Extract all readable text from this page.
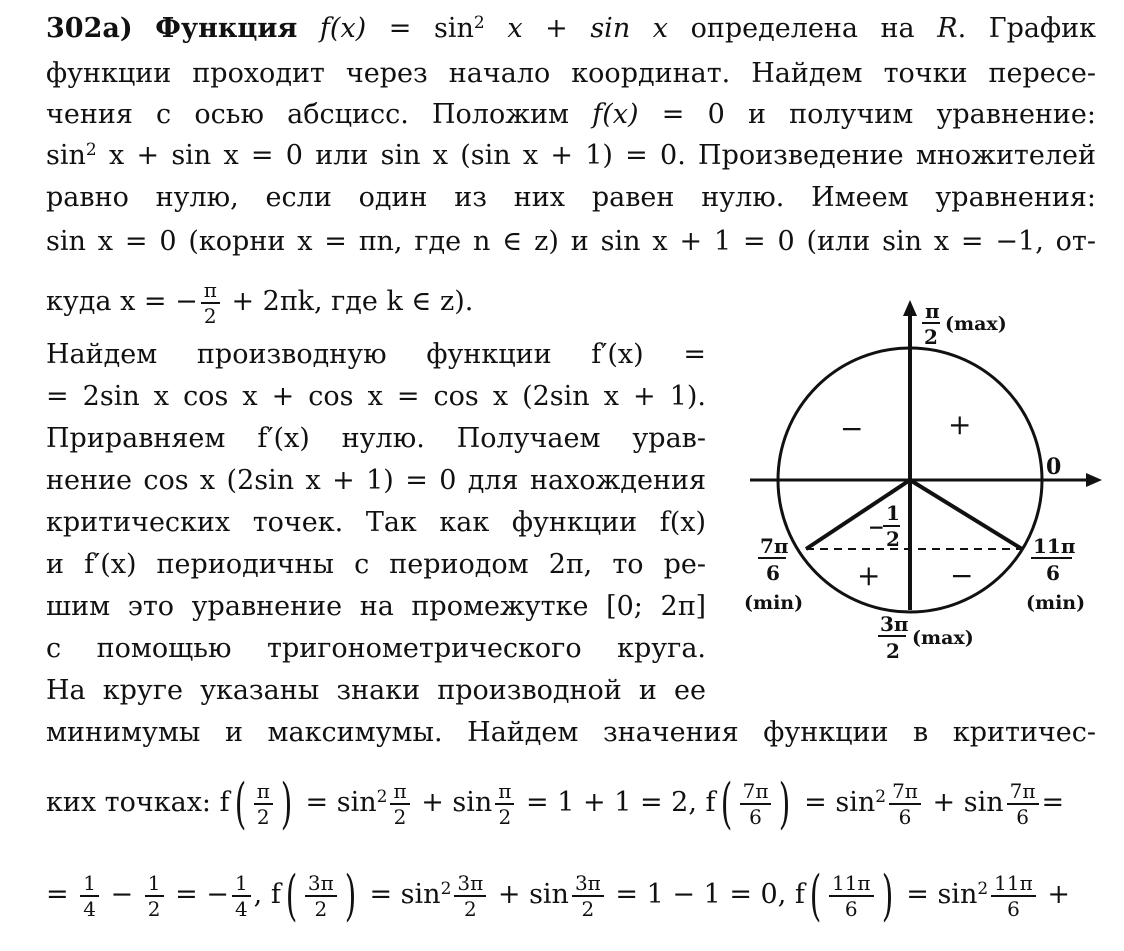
302а) Функция $f(x) = \sin^2 x + \sin x$ определена на R. График
функции проходит через начало координат. Найдем точки пересе-
чения с осью абсцисс. Положим f(x) = 0 и получим уравнение:
$\sin^2 x + \sin x = 0$ или sin x (sin x + 1) = 0. Произведение множителей
равно нулю, если один из них равен нулю. Имеем уравнения:
sin x = 0 (корни x = πn, где n ∈ z) и sin x + 1 = 0 (или sin x = −1, от-
куда x = − $\frac{\pi}{2} + 2\pi k$, где k ∈ z).
Найдем производную функции f′(x) =
= 2sin x cos x + cos x = cos x (2sin x + 1).
Приравняем f′(x) нулю. Получаем урав-
нение cos x (2sin x + 1) = 0 для нахождения
критических точек. Так как функции f(x)
и f′(x) периодичны с периодом 2π, то ре-
шим это уравнение на промежутке [0; 2π]
с помощью тригонометрического круга.
На круге указаны знаки производной и ее
минимумы и максимумы. Найдем значения функции в критичес-
ких точках: $f( \frac{\pi}{2}$ ) = $\sin^2 \frac{\pi}{2} + \sin \frac{\pi}{2} = 1 + 1 = 2$, $f( \frac{7\pi}{6}$ ) = $\sin^2 \frac{7\pi}{6} + \sin \frac{7\pi}{6}$ =
= $\frac{1}{4} - \frac{1}{2}$ = − $\frac{1}{4}$ , $f( \frac{3\pi}{2}$ ) = $\sin^2 \frac{3\pi}{2} + \sin \frac{3\pi}{2} = 1 - 1 = 0$, $f( \frac{11\pi}{6}$ ) = $\sin^2 \frac{11\pi}{6}$ +
π
2
(max)
0
−	+
+ −
−
1
2
7π
6
(min)
11π
6
(min)
3π
2
(max)
